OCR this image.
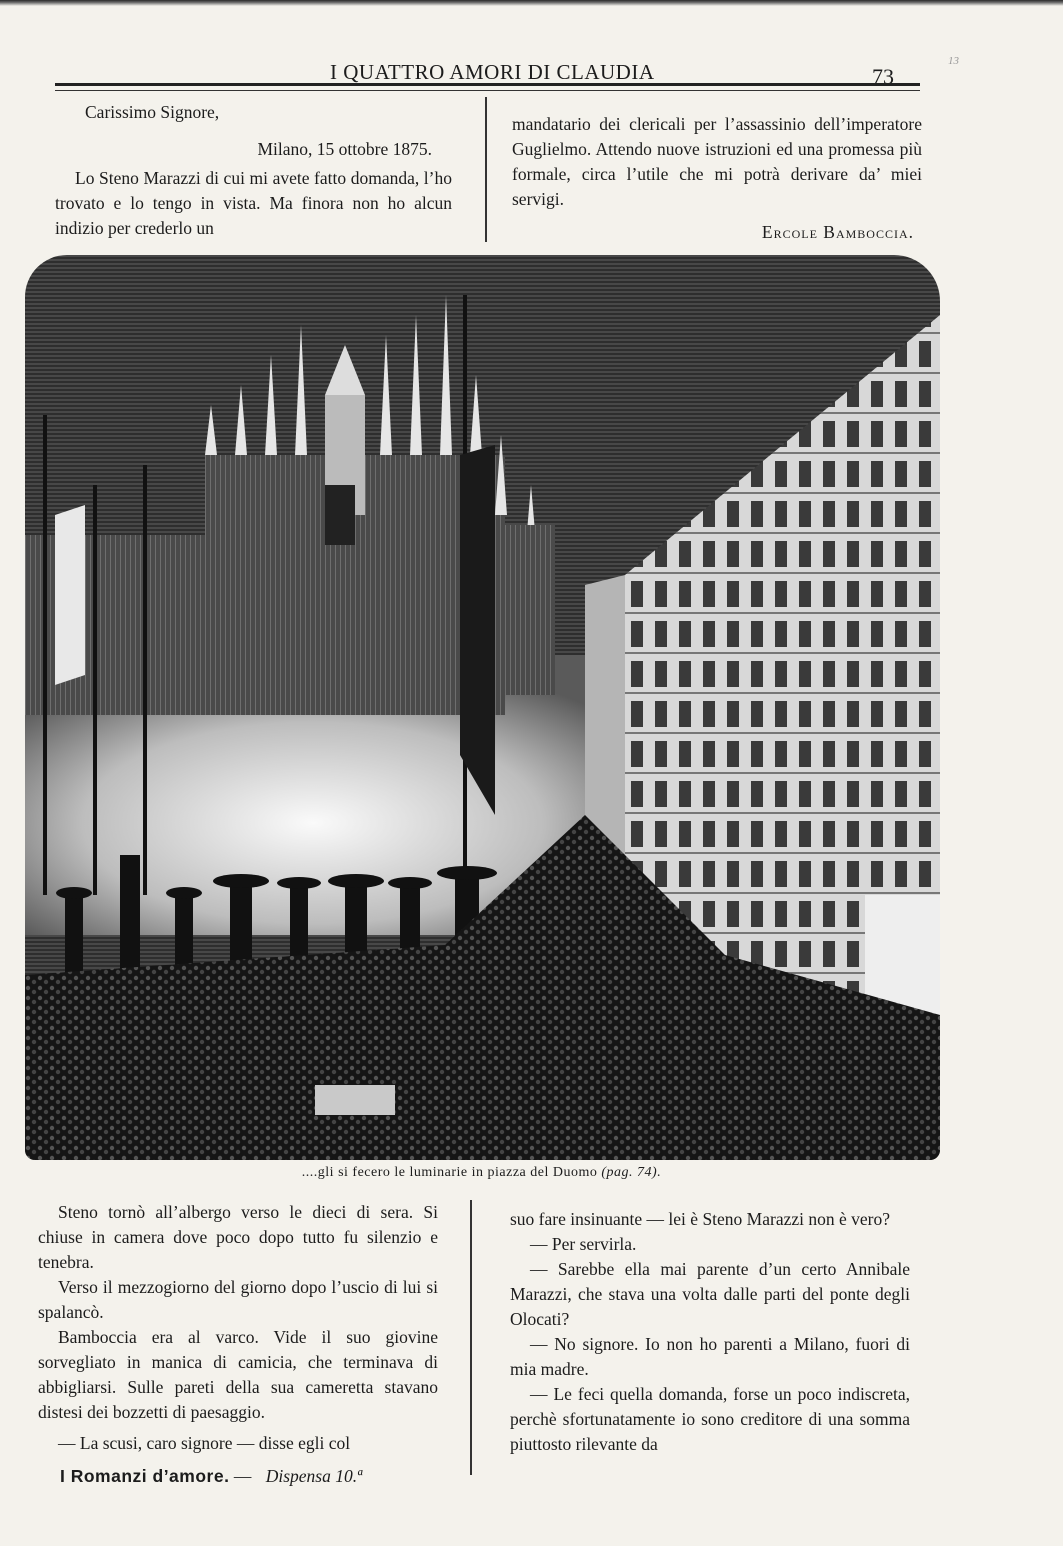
I QUATTRO AMORI DI CLAUDIA	73
13

Carissimo Signore,

Milano, 15 ottobre 1875.

Lo Steno Marazzi di cui mi avete fatto domanda, l’ho trovato e lo tengo in vista. Ma finora non ho alcun indizio per crederlo un

mandatario dei clericali per l’assassinio dell’imperatore Guglielmo. Attendo nuove istruzioni ed una promessa più formale, circa l’utile che mi potrà derivare da’ miei servigi.

Ercole Bamboccia.

....gli si fecero le luminarie in piazza del Duomo (pag. 74).

Steno tornò all’albergo verso le dieci di sera. Si chiuse in camera dove poco dopo tutto fu silenzio e tenebra.

Verso il mezzogiorno del giorno dopo l’uscio di lui si spalancò.

Bamboccia era al varco. Vide il suo giovine sorvegliato in manica di camicia, che terminava di abbigliarsi. Sulle pareti della sua cameretta stavano distesi dei bozzetti di paesaggio.

— La scusi, caro signore — disse egli col

suo fare insinuante — lei è Steno Marazzi non è vero?

— Per servirla.

— Sarebbe ella mai parente d’un certo Annibale Marazzi, che stava una volta dalle parti del ponte degli Olocati?

— No signore. Io non ho parenti a Milano, fuori di mia madre.

— Le feci quella domanda, forse un poco indiscreta, perchè sfortunatamente io sono creditore di una somma piuttosto rilevante da

I Romanzi d’amore. — Dispensa 10.ª
